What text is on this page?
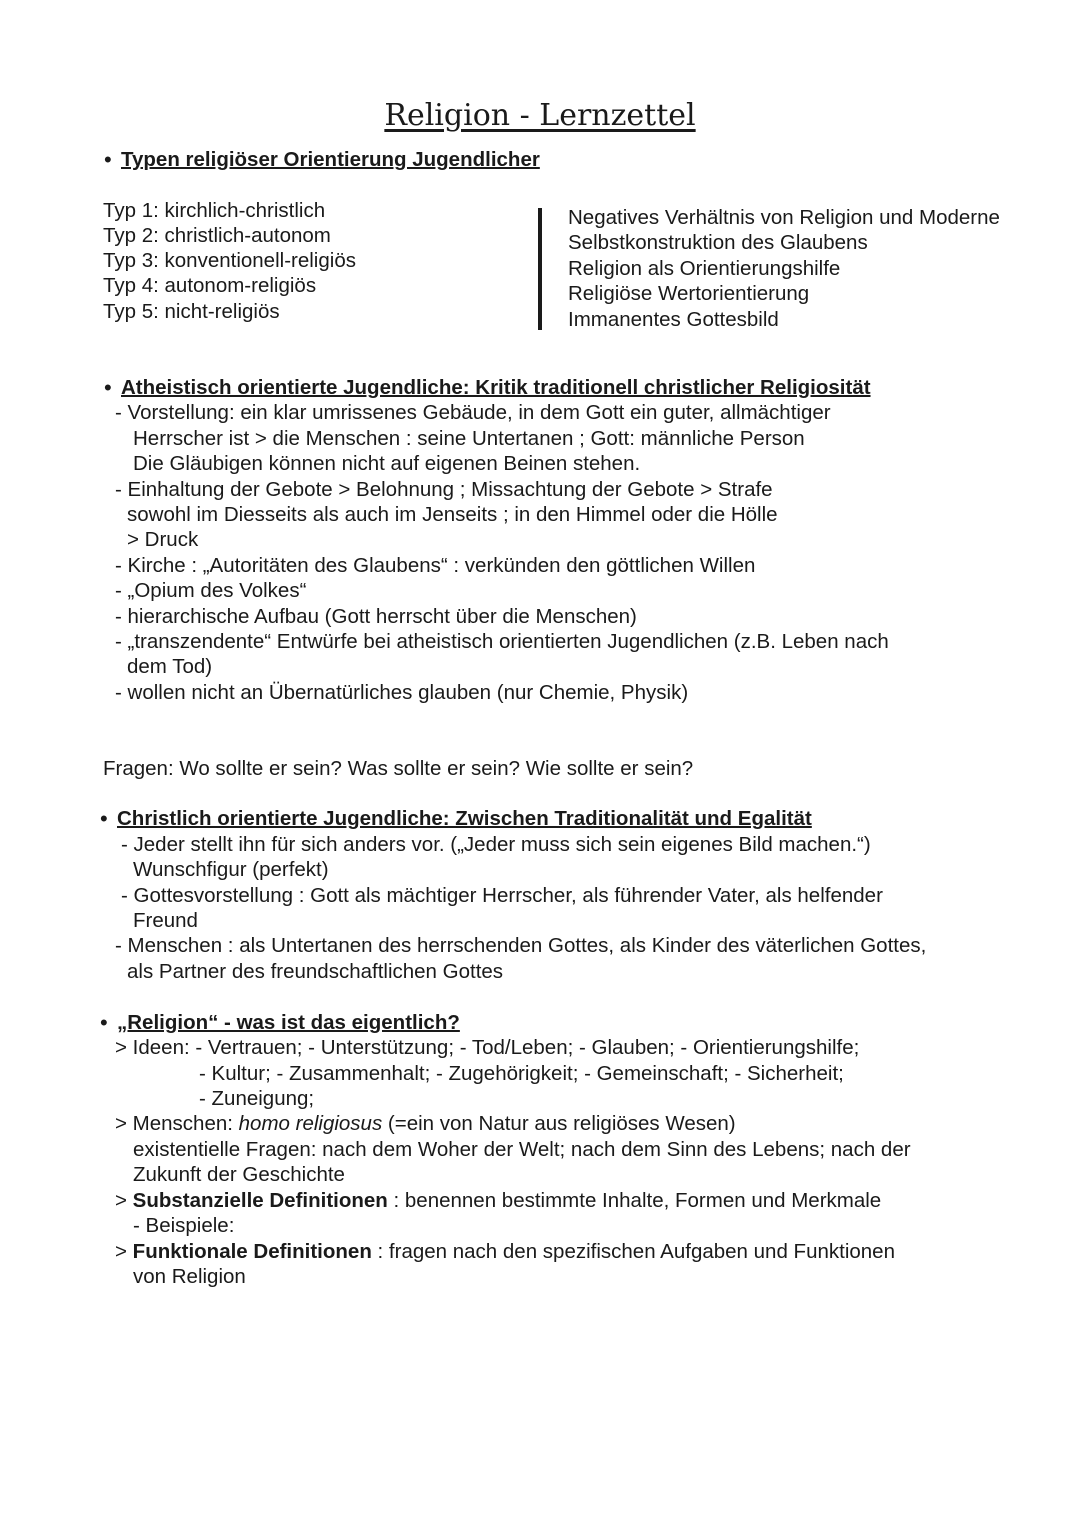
Religion - Lernzettel
• Typen religiöser Orientierung Jugendlicher
Typ 1: kirchlich-christlich
Typ 2: christlich-autonom
Typ 3: konventionell-religiös
Typ 4: autonom-religiös
Typ 5: nicht-religiös
Negatives Verhältnis von Religion und Moderne
Selbstkonstruktion des Glaubens
Religion als Orientierungshilfe
Religiöse Wertorientierung
Immanentes Gottesbild
• Atheistisch orientierte Jugendliche: Kritik traditionell christlicher Religiosität
- Vorstellung: ein klar umrissenes Gebäude, in dem Gott ein guter, allmächtiger
Herrscher ist > die Menschen : seine Untertanen ; Gott: männliche Person
Die Gläubigen können nicht auf eigenen Beinen stehen.
- Einhaltung der Gebote > Belohnung ; Missachtung der Gebote > Strafe
sowohl im Diesseits als auch im Jenseits ; in den Himmel oder die Hölle
> Druck
- Kirche : „Autoritäten des Glaubens“ : verkünden den göttlichen Willen
- „Opium des Volkes“
- hierarchische Aufbau (Gott herrscht über die Menschen)
- „transzendente“ Entwürfe bei atheistisch orientierten Jugendlichen (z.B. Leben nach
dem Tod)
- wollen nicht an Übernatürliches glauben (nur Chemie, Physik)
Fragen: Wo sollte er sein? Was sollte er sein? Wie sollte er sein?
• Christlich orientierte Jugendliche: Zwischen Traditionalität und Egalität
- Jeder stellt ihn für sich anders vor. („Jeder muss sich sein eigenes Bild machen.“)
Wunschfigur (perfekt)
- Gottesvorstellung : Gott als mächtiger Herrscher, als führender Vater, als helfender
Freund
- Menschen : als Untertanen des herrschenden Gottes, als Kinder des väterlichen Gottes,
als Partner des freundschaftlichen Gottes
• „Religion“ - was ist das eigentlich?
> Ideen: - Vertrauen; - Unterstützung; - Tod/Leben; - Glauben; - Orientierungshilfe;
- Kultur; - Zusammenhalt; - Zugehörigkeit; - Gemeinschaft; - Sicherheit;
- Zuneigung;
> Menschen: homo religiosus (=ein von Natur aus religiöses Wesen)
existentielle Fragen: nach dem Woher der Welt; nach dem Sinn des Lebens; nach der
Zukunft der Geschichte
> Substanzielle Definitionen : benennen bestimmte Inhalte, Formen und Merkmale
- Beispiele:
> Funktionale Definitionen : fragen nach den spezifischen Aufgaben und Funktionen
von Religion
